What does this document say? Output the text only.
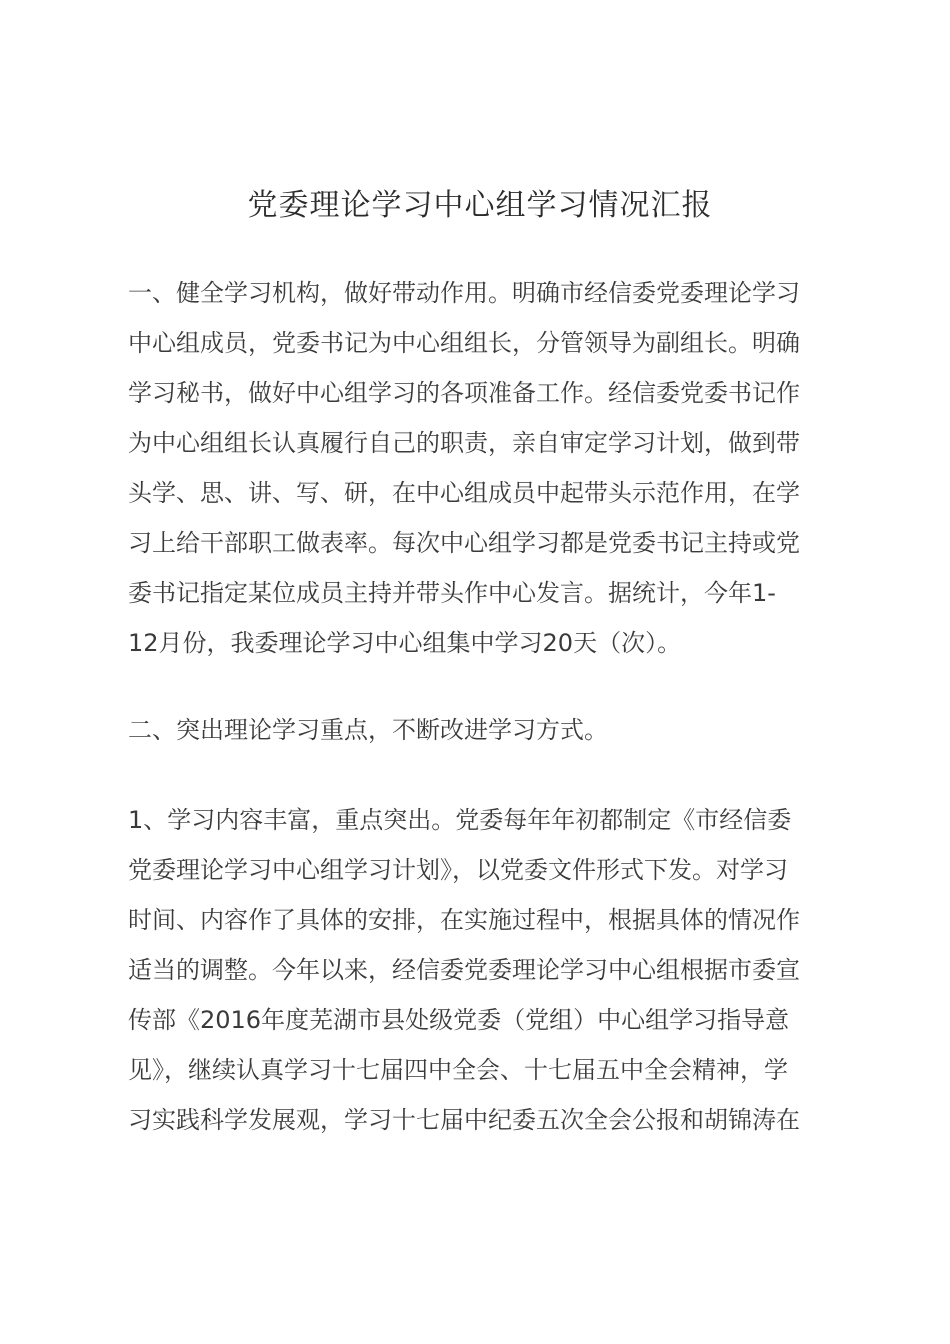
党委理论学习中心组学习情况汇报
一、健全学习机构，做好带动作用。明确市经信委党委理论学习
中心组成员，党委书记为中心组组长，分管领导为副组长。明确
学习秘书，做好中心组学习的各项准备工作。经信委党委书记作
为中心组组长认真履行自己的职责，亲自审定学习计划，做到带
头学、思、讲、写、研，在中心组成员中起带头示范作用，在学
习上给干部职工做表率。每次中心组学习都是党委书记主持或党
委书记指定某位成员主持并带头作中心发言。据统计，今年1-
12月份，我委理论学习中心组集中学习20天（次）。
二、突出理论学习重点，不断改进学习方式。
1、学习内容丰富，重点突出。党委每年年初都制定《市经信委
党委理论学习中心组学习计划》，以党委文件形式下发。对学习
时间、内容作了具体的安排，在实施过程中，根据具体的情况作
适当的调整。今年以来，经信委党委理论学习中心组根据市委宣
传部《2016年度芜湖市县处级党委（党组）中心组学习指导意
见》，继续认真学习十七届四中全会、十七届五中全会精神，学
习实践科学发展观，学习十七届中纪委五次全会公报和胡锦涛在
